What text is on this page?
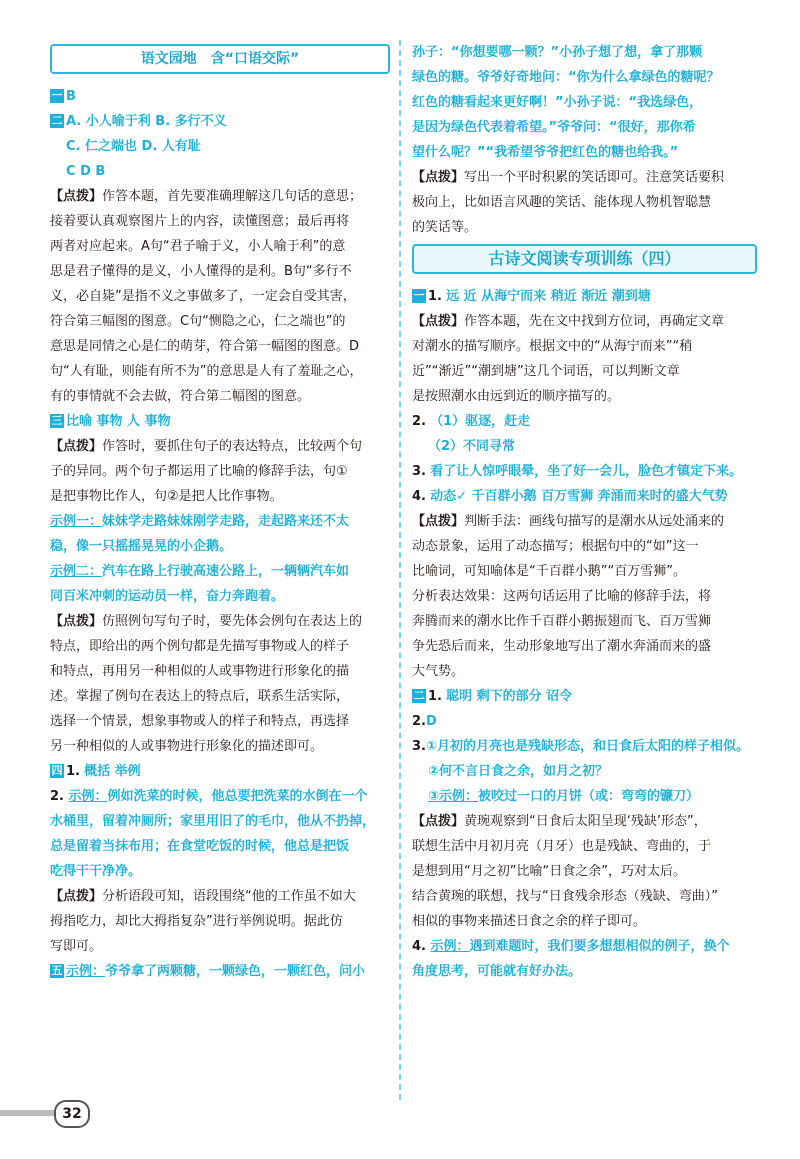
语文园地　含“口语交际”

一 B

二 A. 小人喻于利 B. 多行不义

C. 仁之端也 D. 人有耻

C D B

【点拨】作答本题，首先要准确理解这几句话的意思；

接着要认真观察图片上的内容，读懂图意；最后再将

两者对应起来。A句“君子喻于义，小人喻于利”的意

思是君子懂得的是义，小人懂得的是利。B句“多行不

义，必自毙”是指不义之事做多了，一定会自受其害，

符合第三幅图的图意。C句“恻隐之心，仁之端也”的

意思是同情之心是仁的萌芽，符合第一幅图的图意。D

句“人有耻，则能有所不为”的意思是人有了羞耻之心，

有的事情就不会去做，符合第二幅图的图意。

三 比喻 事物 人 事物

【点拨】作答时，要抓住句子的表达特点，比较两个句

子的异同。两个句子都运用了比喻的修辞手法，句①

是把事物比作人，句②是把人比作事物。

示例一：妹妹学走路妹妹刚学走路，走起路来还不太

稳，像一只摇摇晃晃的小企鹅。

示例二：汽车在路上行驶高速公路上，一辆辆汽车如

同百米冲刺的运动员一样，奋力奔跑着。

【点拨】仿照例句写句子时，要先体会例句在表达上的

特点，即给出的两个例句都是先描写事物或人的样子

和特点，再用另一种相似的人或事物进行形象化的描

述。掌握了例句在表达上的特点后，联系生活实际，

选择一个情景，想象事物或人的样子和特点，再选择

另一种相似的人或事物进行形象化的描述即可。

四 1. 概括 举例

2. 示例：例如洗菜的时候，他总要把洗菜的水倒在一个

水桶里，留着冲厕所；家里用旧了的毛巾，他从不扔掉，

总是留着当抹布用；在食堂吃饭的时候，他总是把饭

吃得干干净净。

【点拨】分析语段可知，语段围绕“他的工作虽不如大

拇指吃力，却比大拇指复杂”进行举例说明。据此仿

写即可。

五 示例：爷爷拿了两颗糖，一颗绿色，一颗红色，问小

孙子：“你想要哪一颗？”小孙子想了想，拿了那颗

绿色的糖。爷爷好奇地问：“你为什么拿绿色的糖呢？

红色的糖看起来更好啊！”小孙子说：“我选绿色，

是因为绿色代表着希望。”爷爷问：“很好，那你希

望什么呢？”“我希望爷爷把红色的糖也给我。”

【点拨】写出一个平时积累的笑话即可。注意笑话要积

极向上，比如语言风趣的笑话、能体现人物机智聪慧

的笑话等。

古诗文阅读专项训练（四）

一 1. 远 近 从海宁而来 稍近 渐近 潮到塘

【点拨】作答本题，先在文中找到方位词，再确定文章

对潮水的描写顺序。根据文中的“从海宁而来”“稍

近”“渐近”“潮到塘”这几个词语，可以判断文章

是按照潮水由远到近的顺序描写的。

2. （1）驱逐，赶走

（2）不同寻常

3. 看了让人惊呼眼晕，坐了好一会儿，脸色才镇定下来。

4. 动态✓ 千百群小鹅 百万雪狮 奔涌而来时的盛大气势

【点拨】判断手法：画线句描写的是潮水从远处涌来的

动态景象，运用了动态描写；根据句中的“如”这一

比喻词，可知喻体是“千百群小鹅”“百万雪狮”。

分析表达效果：这两句话运用了比喻的修辞手法，将

奔腾而来的潮水比作千百群小鹅振翅而飞、百万雪狮

争先恐后而来，生动形象地写出了潮水奔涌而来的盛

大气势。

二 1. 聪明 剩下的部分 诏令

2.D

3.①月初的月亮也是残缺形态，和日食后太阳的样子相似。

②何不言日食之余，如月之初？

③示例：被咬过一口的月饼（或：弯弯的镰刀）

【点拨】黄琬观察到“日食后太阳呈现‘残缺’形态”，

联想生活中月初月亮（月牙）也是残缺、弯曲的，于

是想到用“月之初”比喻“日食之余”，巧对太后。

结合黄琬的联想，找与“日食残余形态（残缺、弯曲）”

相似的事物来描述日食之余的样子即可。

4. 示例：遇到难题时，我们要多想想相似的例子，换个

角度思考，可能就有好办法。

32
